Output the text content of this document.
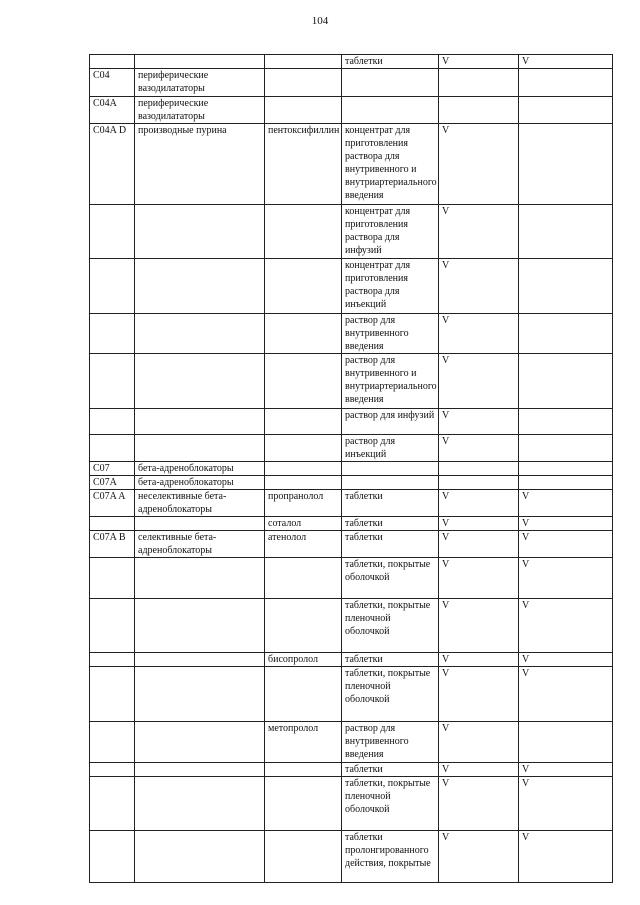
104
			таблетки	V	V
C04	периферические вазодилататоры				
C04A	периферические вазодилататоры				
C04A D	производные пурина	пентоксифиллин	концентрат для приготовления раствора для внутривенного и внутриартериального введения	V	
			концентрат для приготовления раствора для инфузий	V	
			концентрат для приготовления раствора для инъекций	V	
			раствор для внутривенного введения	V	
			раствор для внутривенного и внутриартериального введения	V	
			раствор для инфузий	V	
			раствор для инъекций	V	
C07	бета-адреноблокаторы				
C07A	бета-адреноблокаторы				
C07A A	неселективные бета-адреноблокаторы	пропранолол	таблетки	V	V
		соталол	таблетки	V	V
C07A B	селективные бета-адреноблокаторы	атенолол	таблетки	V	V
			таблетки, покрытые оболочкой	V	V
			таблетки, покрытые пленочной оболочкой	V	V
		бисопролол	таблетки	V	V
			таблетки, покрытые пленочной оболочкой	V	V
		метопролол	раствор для внутривенного введения	V	
			таблетки	V	V
			таблетки, покрытые пленочной оболочкой	V	V
			таблетки пролонгированного действия, покрытые	V	V
